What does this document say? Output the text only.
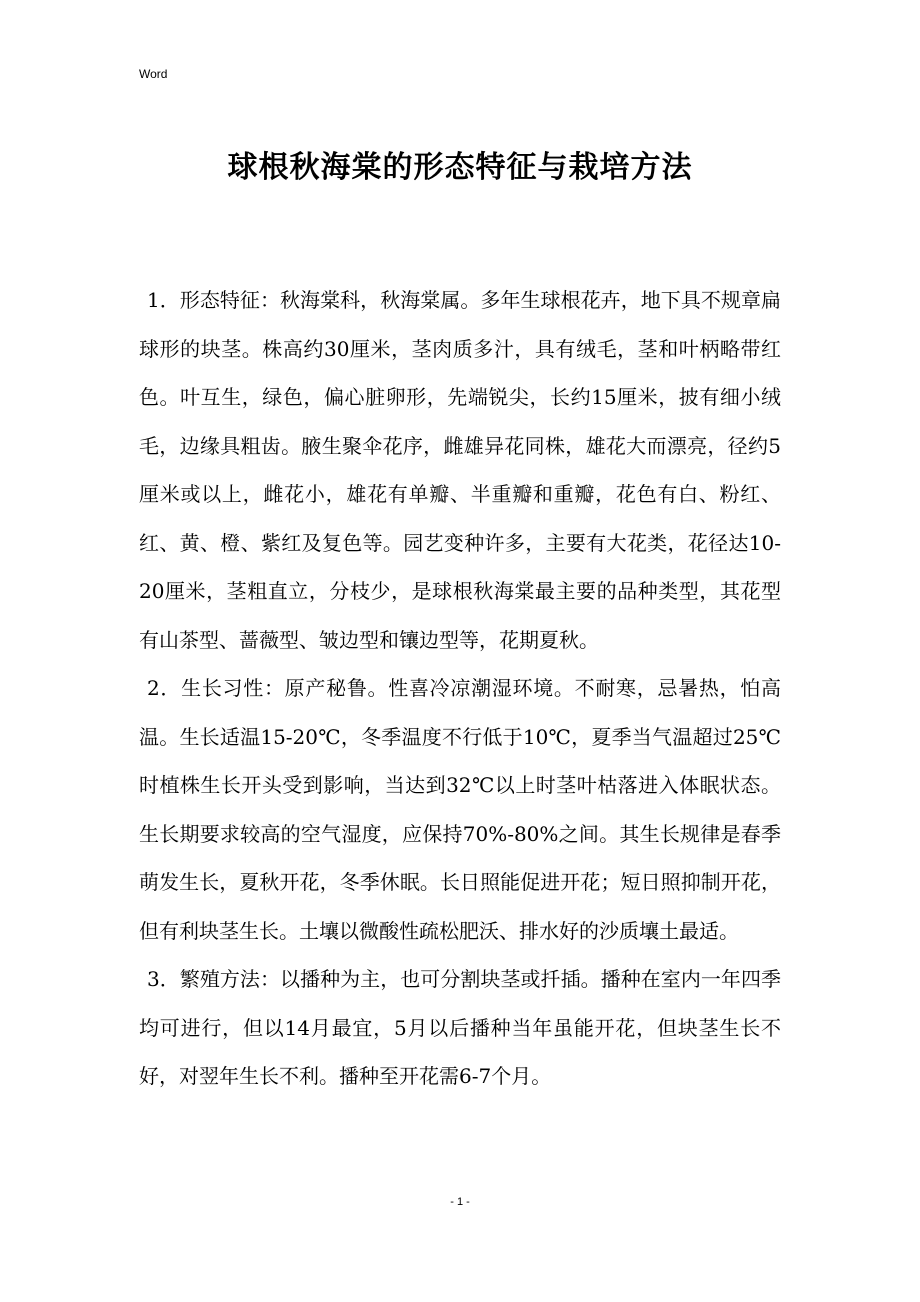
Word
球根秋海棠的形态特征与栽培方法

1．形态特征：秋海棠科，秋海棠属。多年生球根花卉，地下具不规章扁球形的块茎。株高约30厘米，茎肉质多汁，具有绒毛，茎和叶柄略带红色。叶互生，绿色，偏心脏卵形，先端锐尖，长约15厘米，披有细小绒毛，边缘具粗齿。腋生聚伞花序，雌雄异花同株，雄花大而漂亮，径约5厘米或以上，雌花小，雄花有单瓣、半重瓣和重瓣，花色有白、粉红、红、黄、橙、紫红及复色等。园艺变种许多，主要有大花类，花径达10-20厘米，茎粗直立，分枝少，是球根秋海棠最主要的品种类型，其花型有山茶型、蔷薇型、皱边型和镶边型等，花期夏秋。

2．生长习性：原产秘鲁。性喜冷凉潮湿环境。不耐寒，忌暑热，怕高温。生长适温15-20℃，冬季温度不行低于10℃，夏季当气温超过25℃时植株生长开头受到影响，当达到32℃以上时茎叶枯落进入体眠状态。生长期要求较高的空气湿度，应保持70%-80%之间。其生长规律是春季萌发生长，夏秋开花，冬季休眠。长日照能促进开花；短日照抑制开花，但有利块茎生长。土壤以微酸性疏松肥沃、排水好的沙质壤土最适。

3．繁殖方法：以播种为主，也可分割块茎或扦插。播种在室内一年四季均可进行，但以14月最宜，5月以后播种当年虽能开花，但块茎生长不好，对翌年生长不利。播种至开花需6-7个月。

- 1 -
